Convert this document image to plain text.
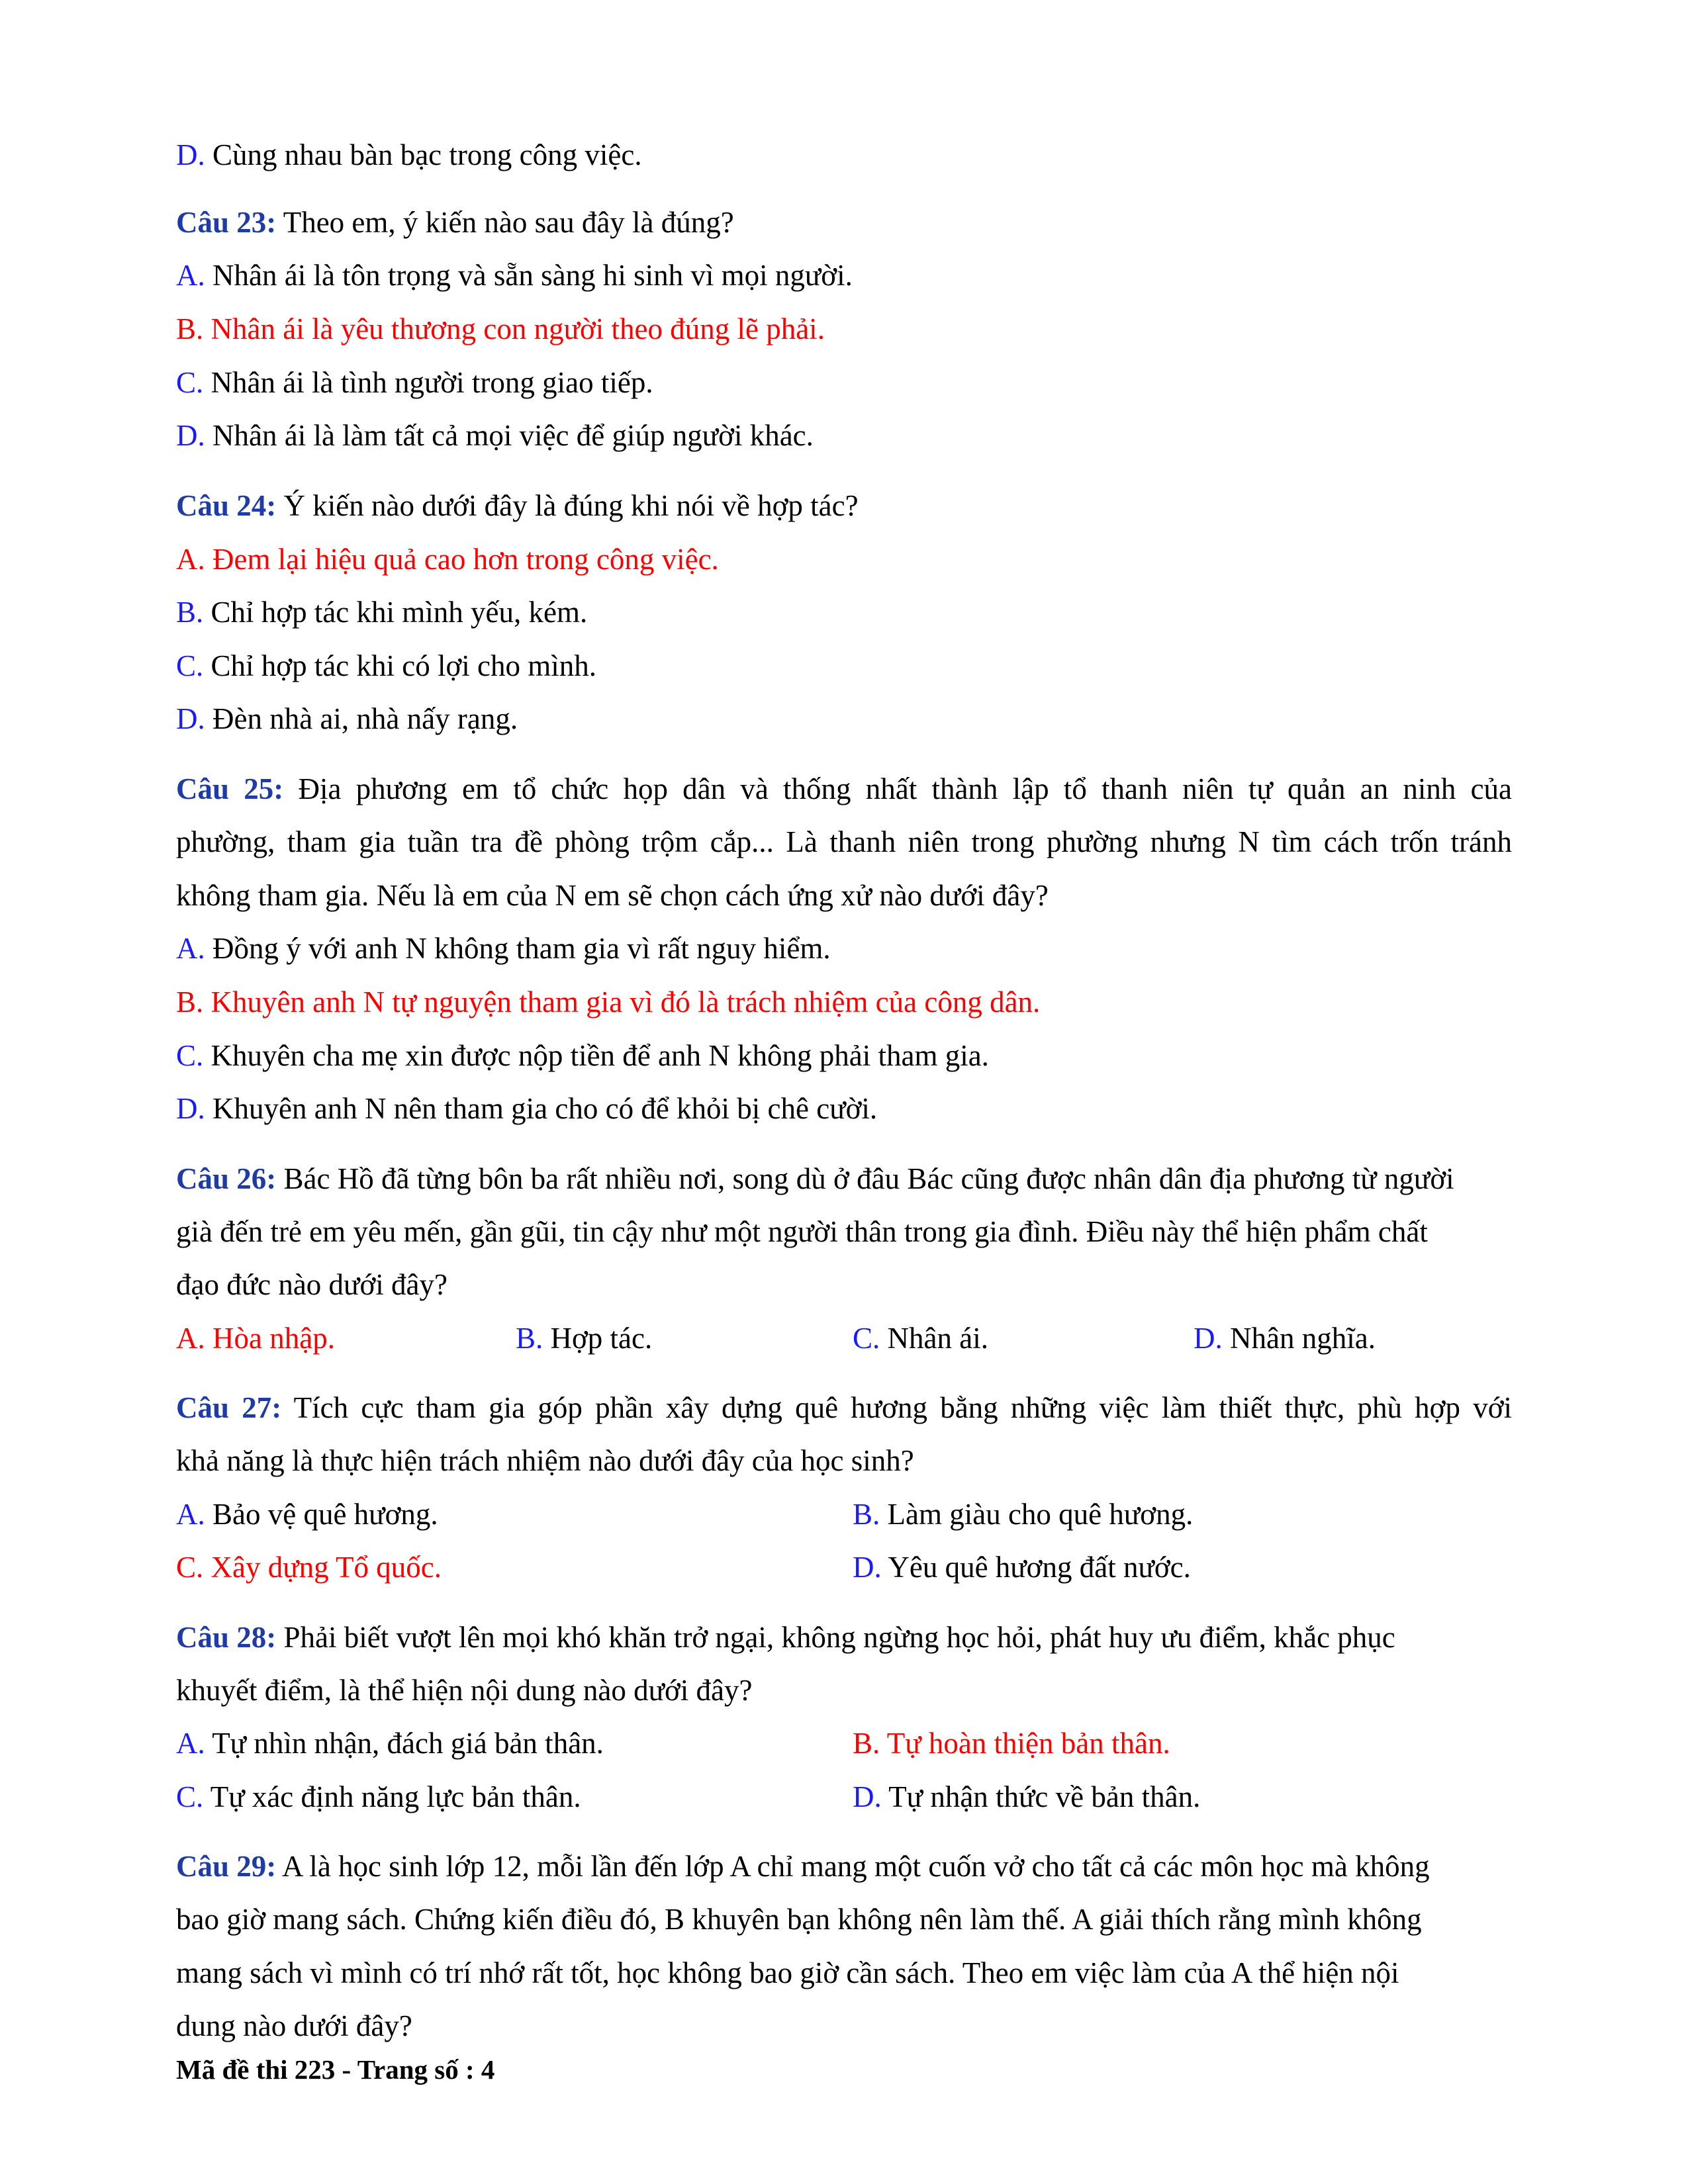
D. Cùng nhau bàn bạc trong công việc.
Câu 23: Theo em, ý kiến nào sau đây là đúng?
A. Nhân ái là tôn trọng và sẵn sàng hi sinh vì mọi người.
B. Nhân ái là yêu thương con người theo đúng lẽ phải.
C. Nhân ái là tình người trong giao tiếp.
D. Nhân ái là làm tất cả mọi việc để giúp người khác.
Câu 24: Ý kiến nào dưới đây là đúng khi nói về hợp tác?
A. Đem lại hiệu quả cao hơn trong công việc.
B. Chỉ hợp tác khi mình yếu, kém.
C. Chỉ hợp tác khi có lợi cho mình.
D. Đèn nhà ai, nhà nấy rạng.
Câu 25: Địa phương em tổ chức họp dân và thống nhất thành lập tổ thanh niên tự quản an ninh của
phường, tham gia tuần tra đề phòng trộm cắp... Là thanh niên trong phường nhưng N tìm cách trốn tránh
không tham gia. Nếu là em của N em sẽ chọn cách ứng xử nào dưới đây?
A. Đồng ý với anh N không tham gia vì rất nguy hiểm.
B. Khuyên anh N tự nguyện tham gia vì đó là trách nhiệm của công dân.
C. Khuyên cha mẹ xin được nộp tiền để anh N không phải tham gia.
D. Khuyên anh N nên tham gia cho có để khỏi bị chê cười.
Câu 26: Bác Hồ đã từng bôn ba rất nhiều nơi, song dù ở đâu Bác cũng được nhân dân địa phương từ người
già đến trẻ em yêu mến, gần gũi, tin cậy như một người thân trong gia đình. Điều này thể hiện phẩm chất
đạo đức nào dưới đây?
A. Hòa nhập.	B. Hợp tác.	C. Nhân ái.	D. Nhân nghĩa.
Câu 27: Tích cực tham gia góp phần xây dựng quê hương bằng những việc làm thiết thực, phù hợp với
khả năng là thực hiện trách nhiệm nào dưới đây của học sinh?
A. Bảo vệ quê hương.	B. Làm giàu cho quê hương.
C. Xây dựng Tổ quốc.	D. Yêu quê hương đất nước.
Câu 28: Phải biết vượt lên mọi khó khăn trở ngại, không ngừng học hỏi, phát huy ưu điểm, khắc phục
khuyết điểm, là thể hiện nội dung nào dưới đây?
A. Tự nhìn nhận, đách giá bản thân.	B. Tự hoàn thiện bản thân.
C. Tự xác định năng lực bản thân.	D. Tự nhận thức về bản thân.
Câu 29: A là học sinh lớp 12, mỗi lần đến lớp A chỉ mang một cuốn vở cho tất cả các môn học mà không
bao giờ mang sách. Chứng kiến điều đó, B khuyên bạn không nên làm thế. A giải thích rằng mình không
mang sách vì mình có trí nhớ rất tốt, học không bao giờ cần sách. Theo em việc làm của A thể hiện nội
dung nào dưới đây?
Mã đề thi 223 - Trang số : 4
